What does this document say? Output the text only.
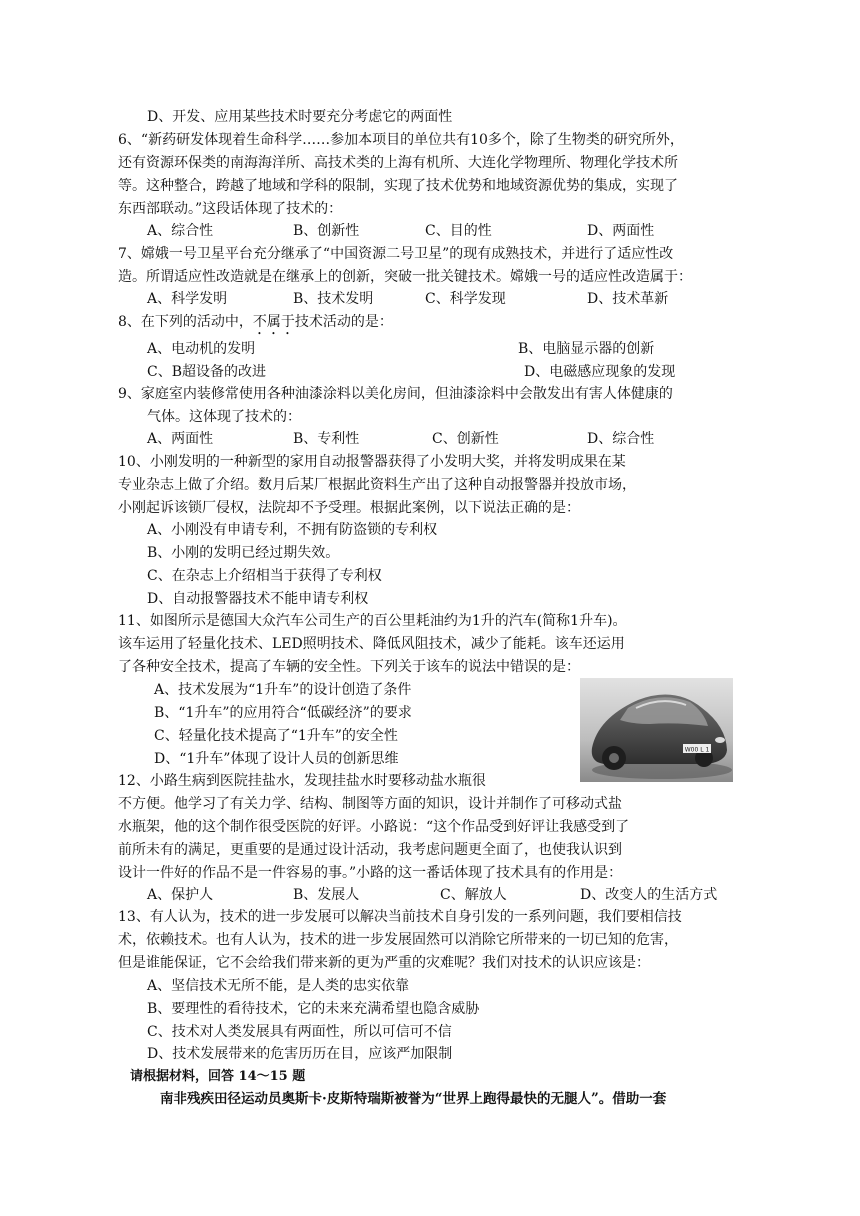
D、开发、应用某些技术时要充分考虑它的两面性
6、“新药研发体现着生命科学……参加本项目的单位共有10多个，除了生物类的研究所外，
还有资源环保类的南海海洋所、高技术类的上海有机所、大连化学物理所、物理化学技术所
等。这种整合，跨越了地域和学科的限制，实现了技术优势和地域资源优势的集成，实现了
东西部联动。”这段话体现了技术的：
A、综合性	B、创新性	C、目的性	D、两面性
7、嫦娥一号卫星平台充分继承了“中国资源二号卫星”的现有成熟技术，并进行了适应性改
造。所谓适应性改造就是在继承上的创新，突破一批关键技术。嫦娥一号的适应性改造属于：
A、科学发明	B、技术发明	C、科学发现	D、技术革新
8、在下列的活动中，不属于技术活动的是：
A、电动机的发明	B、电脑显示器的创新
C、B超设备的改进	D、电磁感应现象的发现
9、家庭室内装修常使用各种油漆涂料以美化房间，但油漆涂料中会散发出有害人体健康的
气体。这体现了技术的：
A、两面性	B、专利性	C、创新性	D、综合性
10、小刚发明的一种新型的家用自动报警器获得了小发明大奖，并将发明成果在某
专业杂志上做了介绍。数月后某厂根据此资料生产出了这种自动报警器并投放市场，
小刚起诉该锁厂侵权，法院却不予受理。根据此案例，以下说法正确的是：
A、小刚没有申请专利，不拥有防盗锁的专利权
B、小刚的发明已经过期失效。
C、在杂志上介绍相当于获得了专利权
D、自动报警器技术不能申请专利权
11、如图所示是德国大众汽车公司生产的百公里耗油约为1升的汽车(简称1升车)。
该车运用了轻量化技术、LED照明技术、降低风阻技术，减少了能耗。该车还运用
了各种安全技术，提高了车辆的安全性。下列关于该车的说法中错误的是：
A、技术发展为“1升车”的设计创造了条件
B、“1升车”的应用符合“低碳经济”的要求
C、轻量化技术提高了“1升车”的安全性
D、“1升车”体现了设计人员的创新思维
W00 L 1
12、小路生病到医院挂盐水，发现挂盐水时要移动盐水瓶很
不方便。他学习了有关力学、结构、制图等方面的知识，设计并制作了可移动式盐
水瓶架，他的这个制作很受医院的好评。小路说：“这个作品受到好评让我感受到了
前所未有的满足，更重要的是通过设计活动，我考虑问题更全面了，也使我认识到
设计一件好的作品不是一件容易的事。”小路的这一番话体现了技术具有的作用是：
A、保护人	B、发展人	C、解放人	D、改变人的生活方式
13、有人认为，技术的进一步发展可以解决当前技术自身引发的一系列问题，我们要相信技
术，依赖技术。也有人认为，技术的进一步发展固然可以消除它所带来的一切已知的危害，
但是谁能保证，它不会给我们带来新的更为严重的灾难呢？我们对技术的认识应该是：
A、坚信技术无所不能，是人类的忠实依靠
B、要理性的看待技术，它的未来充满希望也隐含威胁
C、技术对人类发展具有两面性，所以可信可不信
D、技术发展带来的危害历历在目，应该严加限制
请根据材料，回答 14～15 题
南非残疾田径运动员奥斯卡·皮斯特瑞斯被誉为“世界上跑得最快的无腿人”。借助一套
